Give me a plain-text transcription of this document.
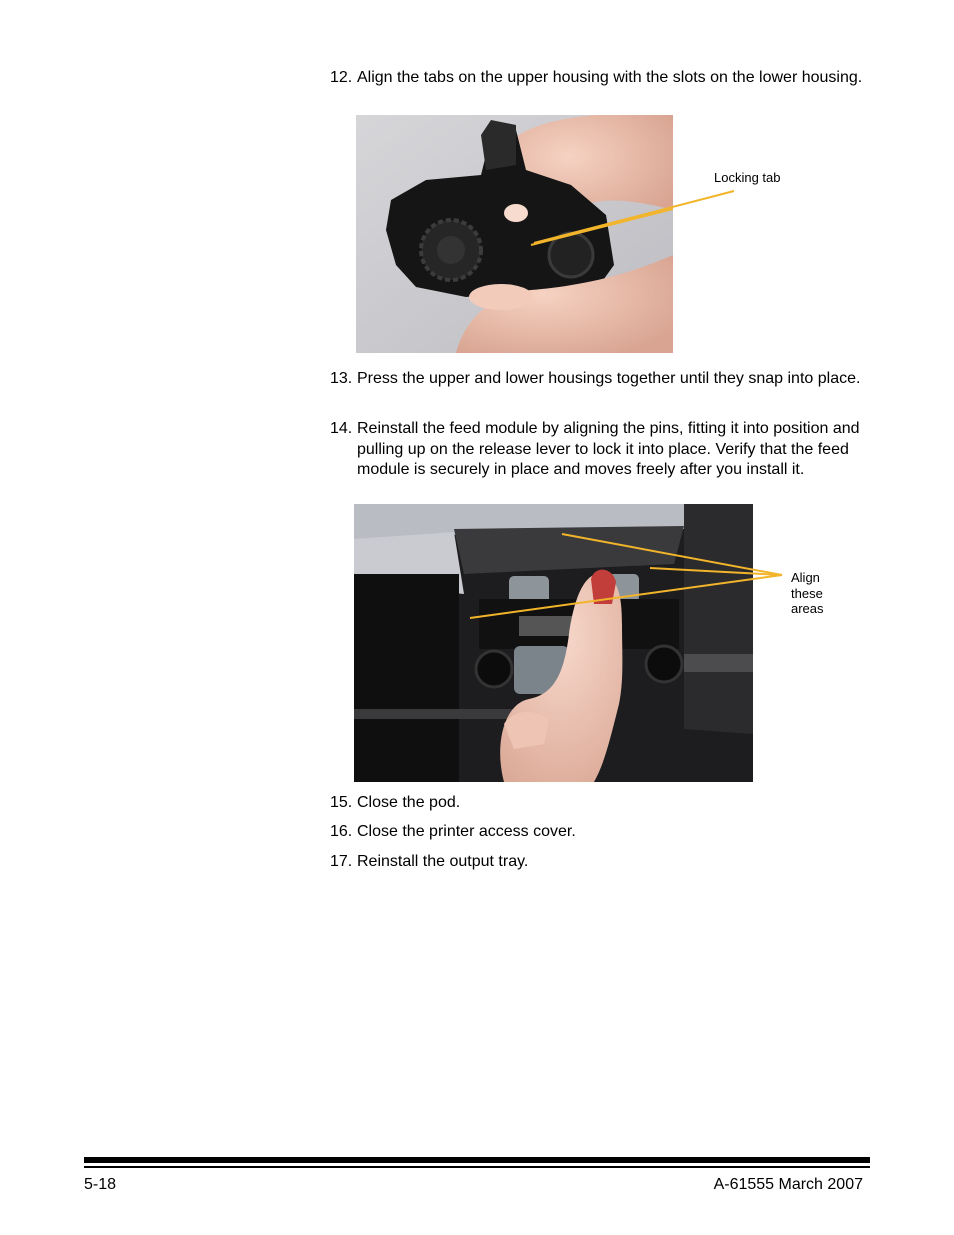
12. Align the tabs on the upper housing with the slots on the lower housing.
Locking tab
13. Press the upper and lower housings together until they snap into place.
14. Reinstall the feed module by aligning the pins, fitting it into position and pulling up on the release lever to lock it into place. Verify that the feed module is securely in place and moves freely after you install it.
Align
these
areas
15. Close the pod.
16. Close the printer access cover.
17. Reinstall the output tray.
5-18	A-61555 March 2007
